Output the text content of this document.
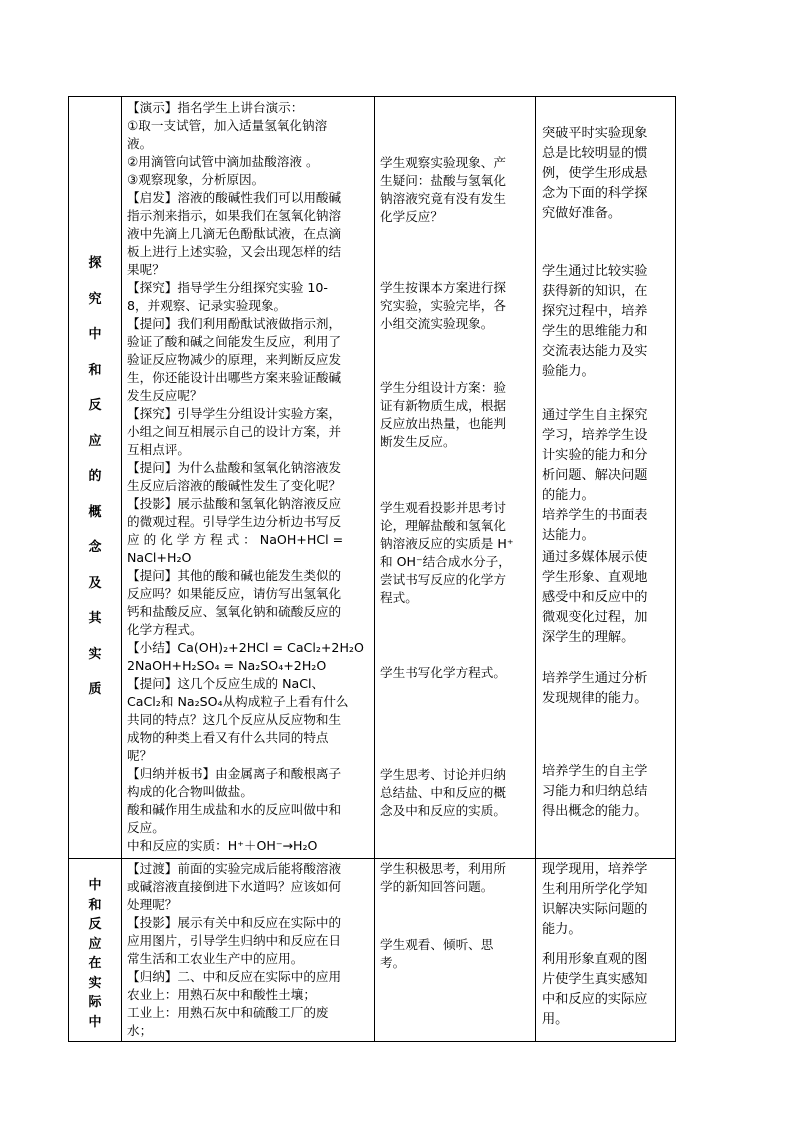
探
究
中
和
反
应
的
概
念
及
其
实
质
【演示】指名学生上讲台演示：
①取一支试管，加入适量氢氧化钠溶
液。
②用滴管向试管中滴加盐酸溶液 。
③观察现象，分析原因。
【启发】溶液的酸碱性我们可以用酸碱
指示剂来指示，如果我们在氢氧化钠溶
液中先滴上几滴无色酚酞试液，在点滴
板上进行上述实验，又会出现怎样的结
果呢？
【探究】指导学生分组探究实验 10-
8，并观察、记录实验现象。
【提问】我们利用酚酞试液做指示剂，
验证了酸和碱之间能发生反应，利用了
验证反应物减少的原理，来判断反应发
生，你还能设计出哪些方案来验证酸碱
发生反应呢？
【探究】引导学生分组设计实验方案，
小组之间互相展示自己的设计方案，并
互相点评。
【提问】为什么盐酸和氢氧化钠溶液发
生反应后溶液的酸碱性发生了变化呢？
【投影】展示盐酸和氢氧化钠溶液反应
的微观过程。引导学生边分析边书写反
应 的 化 学 方 程 式 ： NaOH+HCl =
NaCl+H₂O
【提问】其他的酸和碱也能发生类似的
反应吗？如果能反应，请仿写出氢氧化
钙和盐酸反应、氢氧化钠和硫酸反应的
化学方程式。
【小结】Ca(OH)₂+2HCl = CaCl₂+2H₂O
2NaOH+H₂SO₄ = Na₂SO₄+2H₂O
【提问】这几个反应生成的 NaCl、
CaCl₂和 Na₂SO₄从构成粒子上看有什么
共同的特点？这几个反应从反应物和生
成物的种类上看又有什么共同的特点
呢？
【归纳并板书】由金属离子和酸根离子
构成的化合物叫做盐。
酸和碱作用生成盐和水的反应叫做中和
反应。
中和反应的实质：H⁺＋OH⁻→H₂O
学生观察实验现象、产
生疑问：盐酸与氢氧化
钠溶液究竟有没有发生
化学反应？
学生按课本方案进行探
究实验，实验完毕，各
小组交流实验现象。
学生分组设计方案：验
证有新物质生成，根据
反应放出热量，也能判
断发生反应。
学生观看投影并思考讨
论，理解盐酸和氢氧化
钠溶液反应的实质是 H⁺
和 OH⁻结合成水分子，
尝试书写反应的化学方
程式。
学生书写化学方程式。
学生思考、讨论并归纳
总结盐、中和反应的概
念及中和反应的实质。
突破平时实验现象
总是比较明显的惯
例，使学生形成悬
念为下面的科学探
究做好准备。
学生通过比较实验
获得新的知识，在
探究过程中，培养
学生的思维能力和
交流表达能力及实
验能力。
通过学生自主探究
学习，培养学生设
计实验的能力和分
析问题、解决问题
的能力。
培养学生的书面表
达能力。
通过多媒体展示使
学生形象、直观地
感受中和反应中的
微观变化过程，加
深学生的理解。
培养学生通过分析
发现规律的能力。
培养学生的自主学
习能力和归纳总结
得出概念的能力。
中
和
反
应
在
实
际
中
【过渡】前面的实验完成后能将酸溶液
或碱溶液直接倒进下水道吗？应该如何
处理呢？
【投影】展示有关中和反应在实际中的
应用图片，引导学生归纳中和反应在日
常生活和工农业生产中的应用。
【归纳】二、中和反应在实际中的应用
农业上：用熟石灰中和酸性土壤；
工业上：用熟石灰中和硫酸工厂的废
水；
学生积极思考，利用所
学的新知回答问题。
学生观看、倾听、思
考。
现学现用，培养学
生利用所学化学知
识解决实际问题的
能力。
利用形象直观的图
片使学生真实感知
中和反应的实际应
用。
